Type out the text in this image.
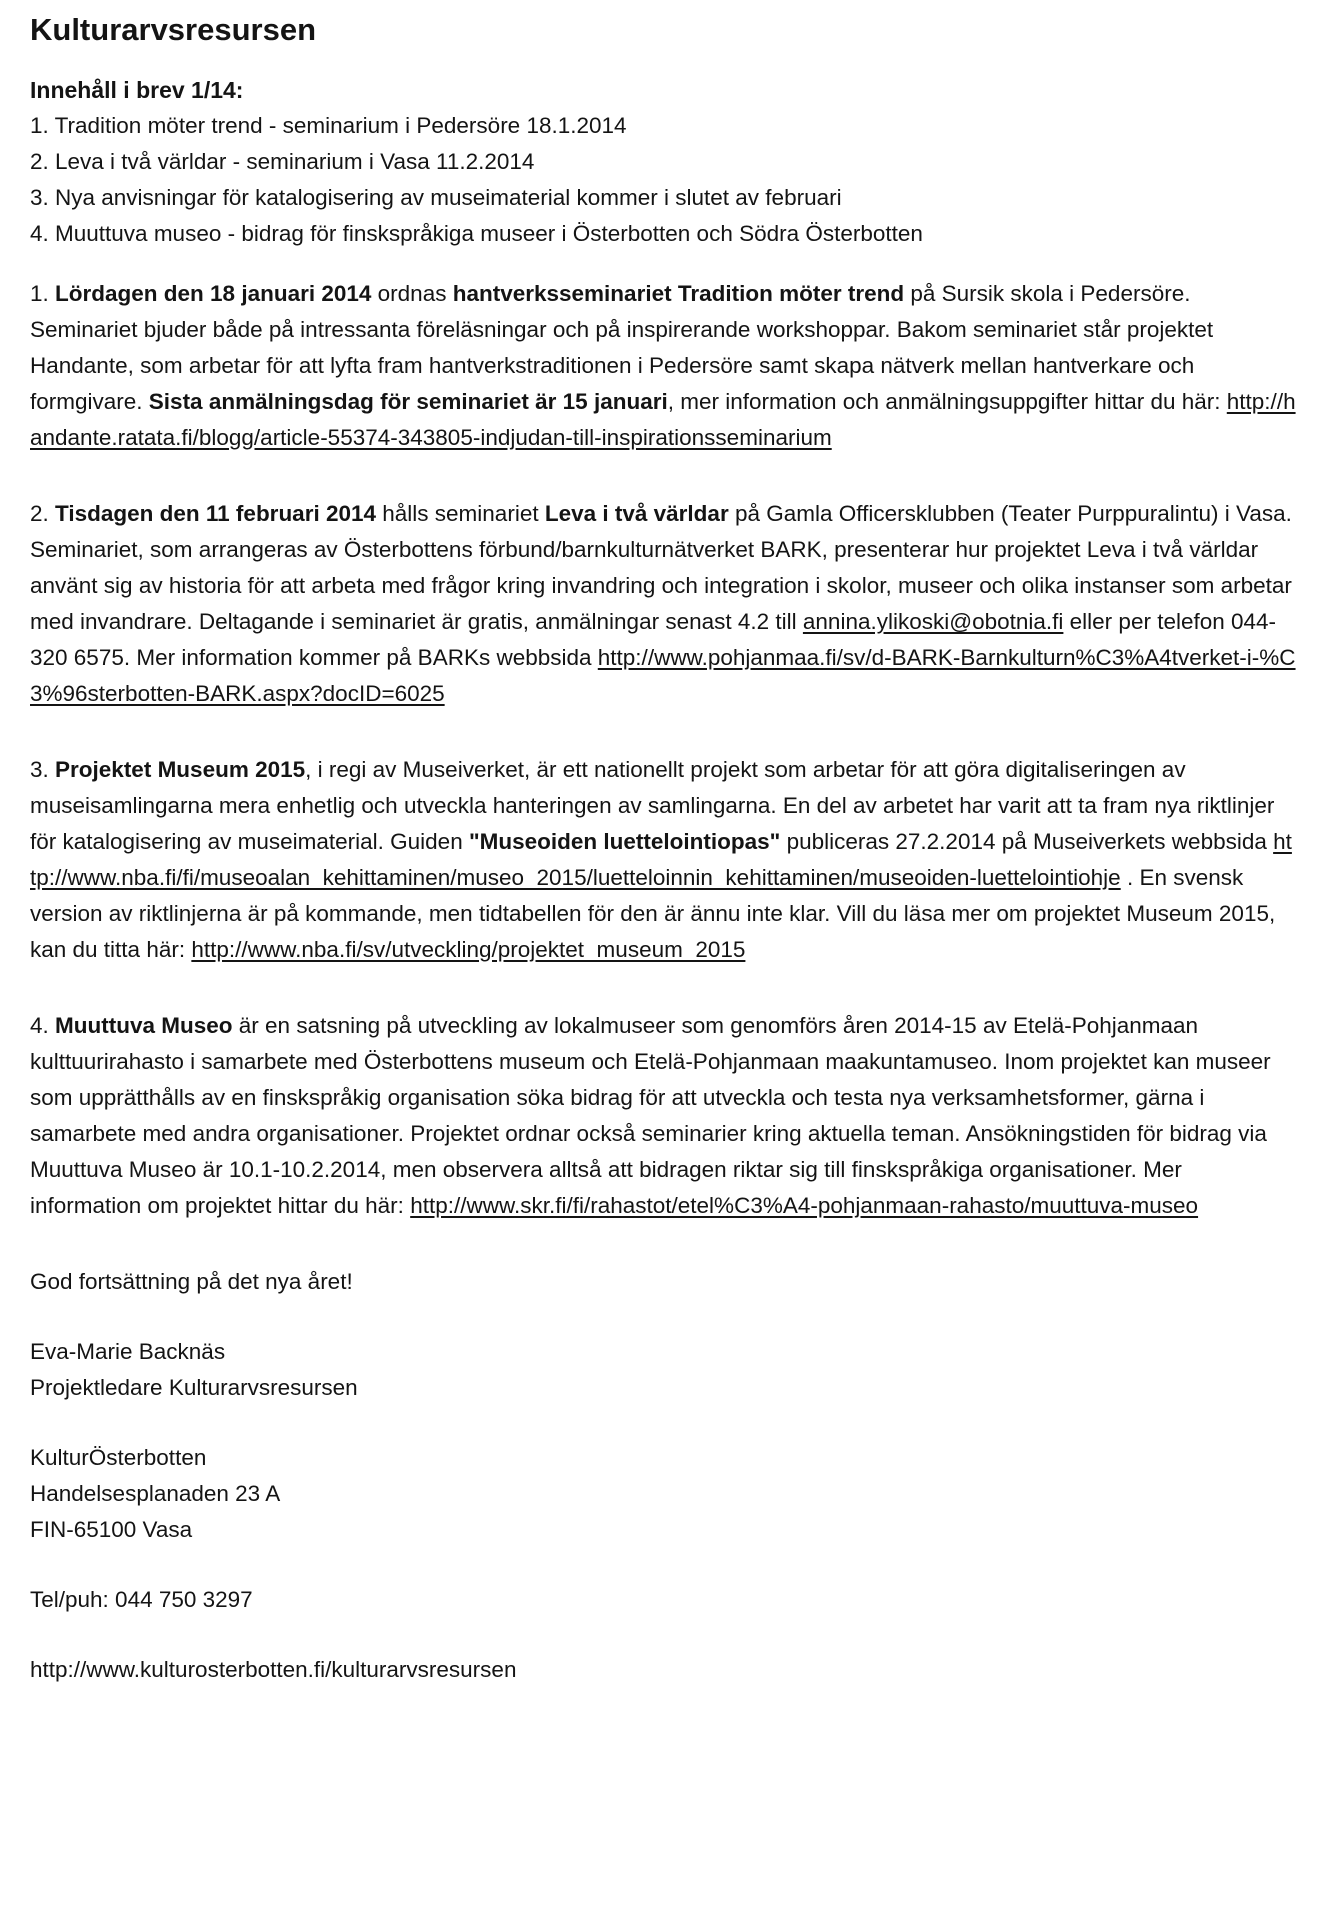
Kulturarvsresursen
Innehåll i brev 1/14:
1. Tradition möter trend - seminarium i Pedersöre 18.1.2014
2. Leva i två världar - seminarium i Vasa 11.2.2014
3. Nya anvisningar för katalogisering av museimaterial kommer i slutet av februari
4. Muuttuva museo - bidrag för finskspråkiga museer i Österbotten och Södra Österbotten

1. Lördagen den 18 januari 2014 ordnas hantverksseminariet Tradition möter trend på Sursik skola i Pedersöre. Seminariet bjuder både på intressanta föreläsningar och på inspirerande workshoppar. Bakom seminariet står projektet Handante, som arbetar för att lyfta fram hantverkstraditionen i Pedersöre samt skapa nätverk mellan hantverkare och formgivare. Sista anmälningsdag för seminariet är 15 januari, mer information och anmälningsuppgifter hittar du här: http://handante.ratata.fi/blogg/article-55374-343805-indjudan-till-inspirationsseminarium

2. Tisdagen den 11 februari 2014 hålls seminariet Leva i två världar på Gamla Officersklubben (Teater Purppuralintu) i Vasa. Seminariet, som arrangeras av Österbottens förbund/barnkulturnätverket BARK, presenterar hur projektet Leva i två världar använt sig av historia för att arbeta med frågor kring invandring och integration i skolor, museer och olika instanser som arbetar med invandrare. Deltagande i seminariet är gratis, anmälningar senast 4.2 till annina.ylikoski@obotnia.fi eller per telefon 044-320 6575. Mer information kommer på BARKs webbsida http://www.pohjanmaa.fi/sv/d-BARK-Barnkulturn%C3%A4tverket-i-%C3%96sterbotten-BARK.aspx?docID=6025

3. Projektet Museum 2015, i regi av Museiverket, är ett nationellt projekt som arbetar för att göra digitaliseringen av museisamlingarna mera enhetlig och utveckla hanteringen av samlingarna. En del av arbetet har varit att ta fram nya riktlinjer för katalogisering av museimaterial. Guiden "Museoiden luettelointiopas" publiceras 27.2.2014 på Museiverkets webbsida http://www.nba.fi/fi/museoalan_kehittaminen/museo_2015/luetteloinnin_kehittaminen/museoiden-luettelointiohje . En svensk version av riktlinjerna är på kommande, men tidtabellen för den är ännu inte klar. Vill du läsa mer om projektet Museum 2015, kan du titta här: http://www.nba.fi/sv/utveckling/projektet_museum_2015

4. Muuttuva Museo är en satsning på utveckling av lokalmuseer som genomförs åren 2014-15 av Etelä-Pohjanmaan kulttuurirahasto i samarbete med Österbottens museum och Etelä-Pohjanmaan maakuntamuseo. Inom projektet kan museer som upprätthålls av en finskspråkig organisation söka bidrag för att utveckla och testa nya verksamhetsformer, gärna i samarbete med andra organisationer. Projektet ordnar också seminarier kring aktuella teman. Ansökningstiden för bidrag via Muuttuva Museo är 10.1-10.2.2014, men observera alltså att bidragen riktar sig till finskspråkiga organisationer. Mer information om projektet hittar du här: http://www.skr.fi/fi/rahastot/etel%C3%A4-pohjanmaan-rahasto/muuttuva-museo

God fortsättning på det nya året!
Eva-Marie Backnäs
Projektledare Kulturarvsresursen
KulturÖsterbotten
Handelsesplanaden 23 A
FIN-65100 Vasa
Tel/puh: 044 750 3297
http://www.kulturosterbotten.fi/kulturarvsresursen
